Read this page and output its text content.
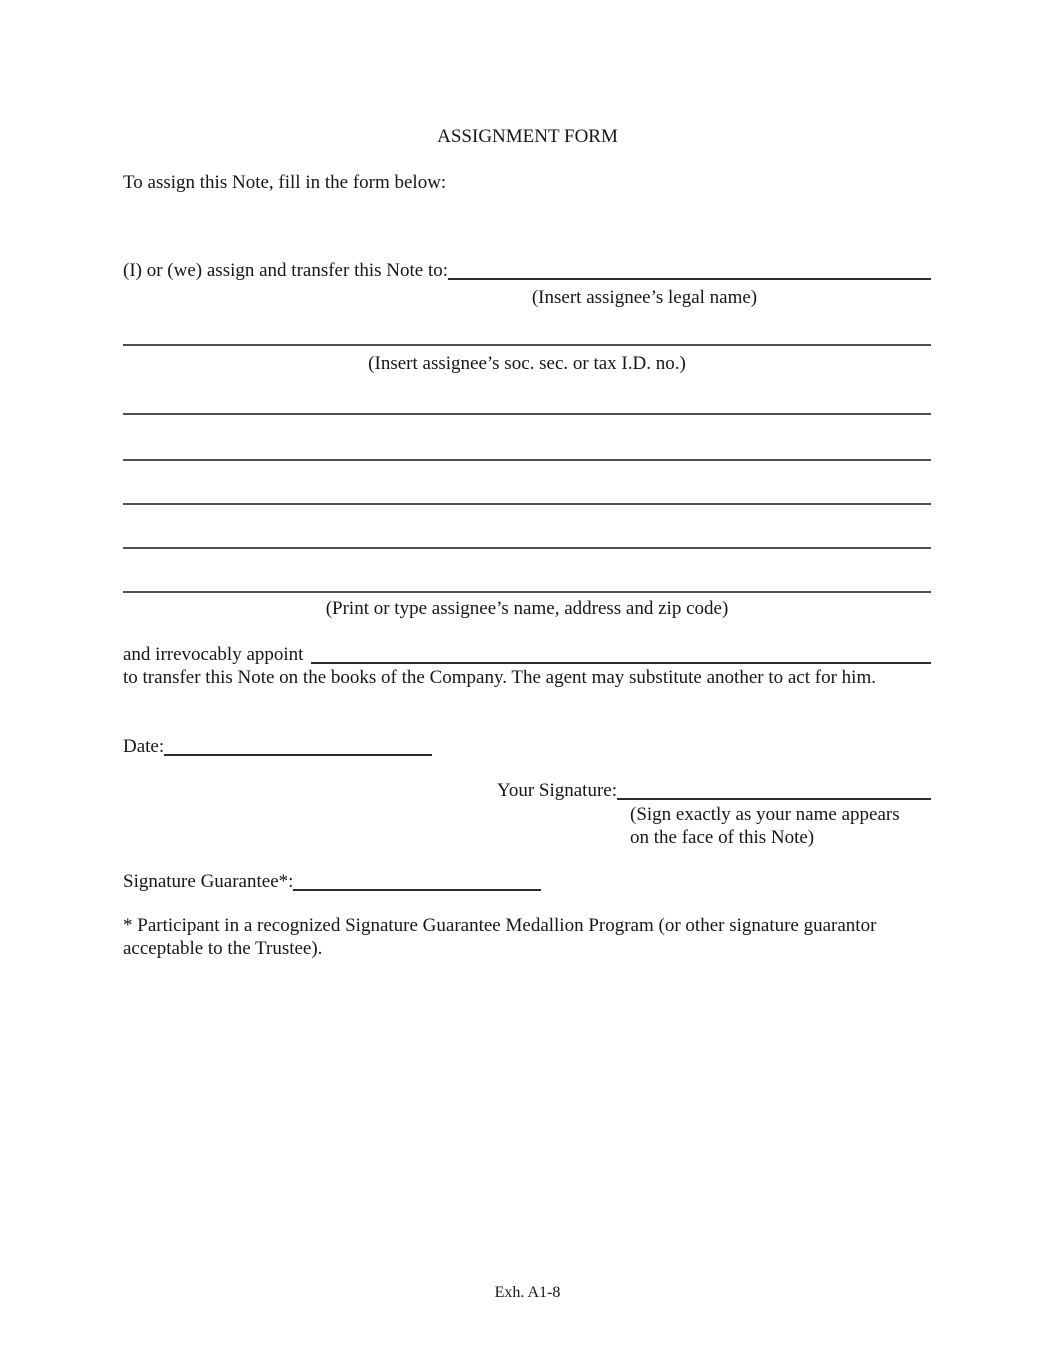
ASSIGNMENT FORM
To assign this Note, fill in the form below:
(I) or (we) assign and transfer this Note to:
(Insert assignee’s legal name)
(Insert assignee’s soc. sec. or tax I.D. no.)
(Print or type assignee’s name, address and zip code)
and irrevocably appoint
to transfer this Note on the books of the Company. The agent may substitute another to act for him.
Date:
Your Signature:
(Sign exactly as your name appears
on the face of this Note)
Signature Guarantee*:
* Participant in a recognized Signature Guarantee Medallion Program (or other signature guarantor acceptable to the Trustee).
Exh. A1-8
